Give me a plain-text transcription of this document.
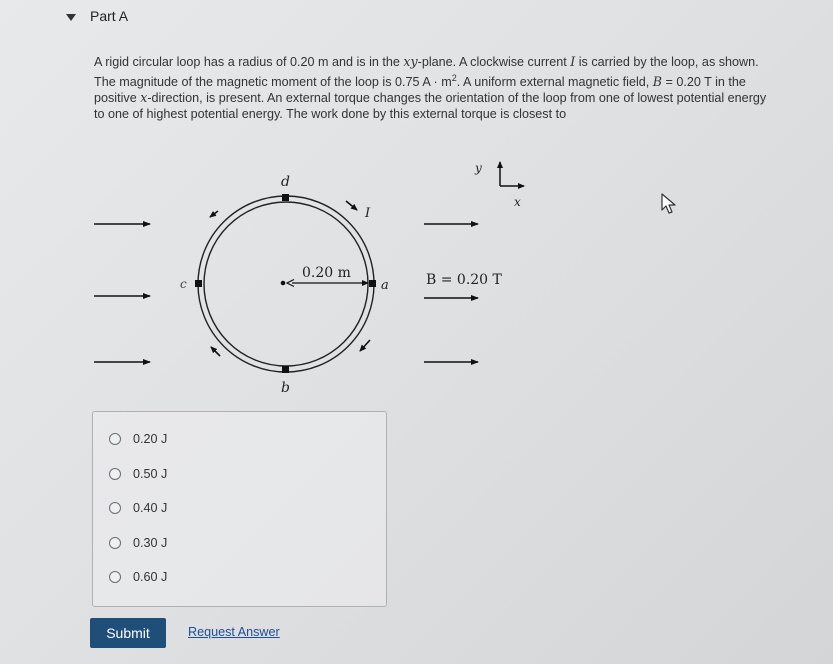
Part A
A rigid circular loop has a radius of 0.20 m and is in the xy-plane. A clockwise current I is carried by the loop, as shown. The magnitude of the magnetic moment of the loop is 0.75 $A \cdot m^2$. A uniform external magnetic field, B = 0.20 T in the positive x-direction, is present. An external torque changes the orientation of the loop from one of lowest potential energy to one of highest potential energy. The work done by this external torque is closest to
d
b
c	a
I
0.20 m	B = 0.20 T
y
x
0.20 J
0.50 J
0.40 J
0.30 J
0.60 J
Submit	Request Answer
